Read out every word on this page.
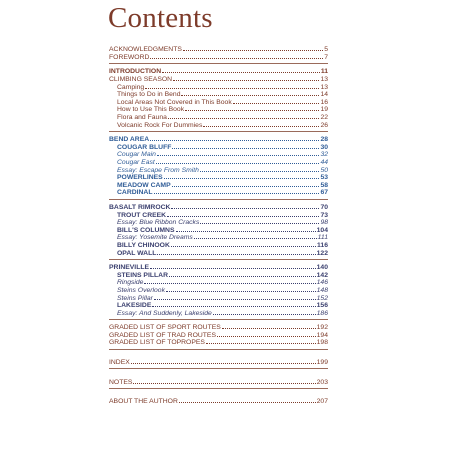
Contents
ACKNOWLEDGMENTS	5
FOREWORD	7
INTRODUCTION	11
CLIMBING SEASON	13
Camping	13
Things to Do in Bend	14
Local Areas Not Covered in This Book	16
How to Use This Book	19
Flora and Fauna	22
Volcanic Rock For Dummies	26
BEND AREA	28
COUGAR BLUFF	30
Cougar Main	32
Cougar East	44
Essay: Escape From Smith	50
POWERLINES	53
MEADOW CAMP	58
CARDINAL	67
BASALT RIMROCK	70
TROUT CREEK	73
Essay: Blue Ribbon Cracks	98
BILL'S COLUMNS	104
Essay: Yosemite Dreams	111
BILLY CHINOOK	116
OPAL WALL	122
PRINEVILLE	140
STEINS PILLAR	142
Ringside	146
Steins Overlook	148
Steins Pillar	152
LAKESIDE	156
Essay: And Suddenly, Lakeside	186
GRADED LIST OF SPORT ROUTES	192
GRADED LIST OF TRAD ROUTES	194
GRADED LIST OF TOPROPES	198
INDEX	199
NOTES	203
ABOUT THE AUTHOR	207
